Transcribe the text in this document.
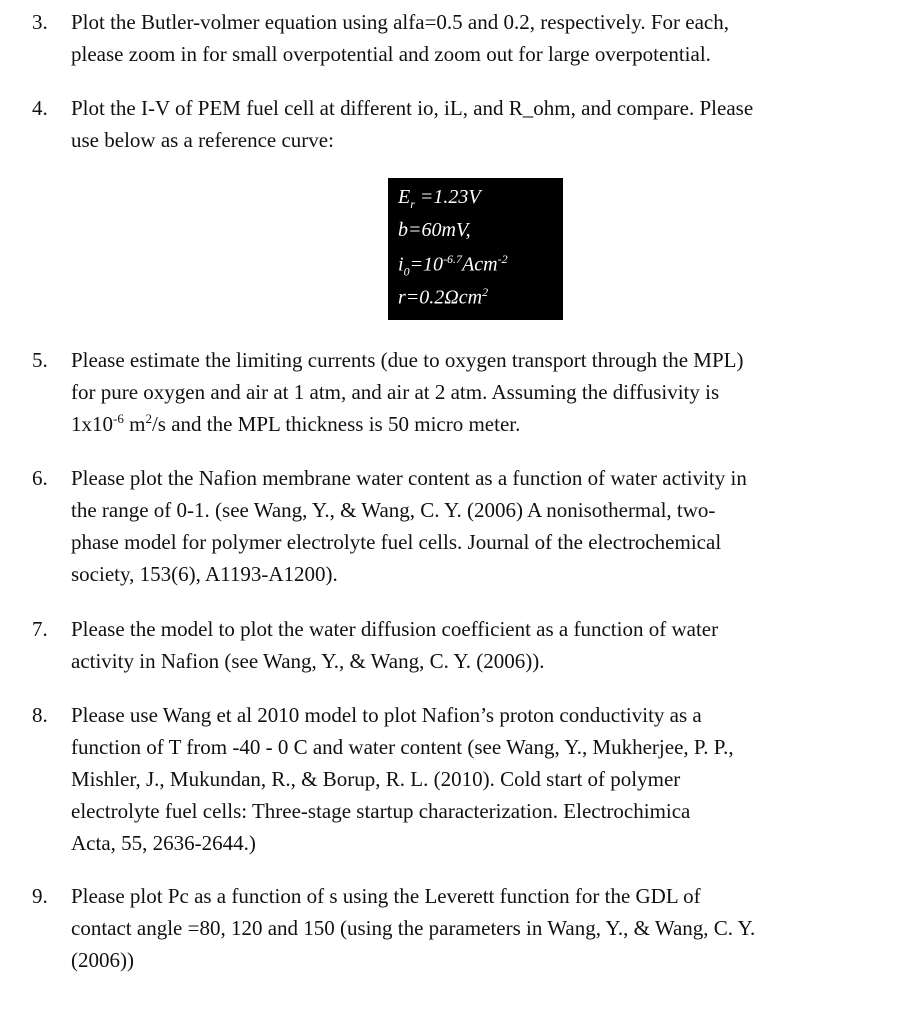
3. Plot the Butler-volmer equation using alfa=0.5 and 0.2, respectively. For each,
please zoom in for small overpotential and zoom out for large overpotential.
4. Plot the I-V of PEM fuel cell at different io, iL, and R_ohm, and compare. Please
use below as a reference curve:
$E_r =1.23V$
b=60mV,
$i_0=10^{-6.7}Acm^{-2}$
r=0.2Ωcm$^2$
5. Please estimate the limiting currents (due to oxygen transport through the MPL)
for pure oxygen and air at 1 atm, and air at 2 atm. Assuming the diffusivity is
$1x10^{-6}$ $m^2/s$ and the MPL thickness is 50 micro meter.
6. Please plot the Nafion membrane water content as a function of water activity in
the range of 0-1. (see Wang, Y., & Wang, C. Y. (2006) A nonisothermal, two-
phase model for polymer electrolyte fuel cells. Journal of the electrochemical
society, 153(6), A1193-A1200).
7. Please the model to plot the water diffusion coefficient as a function of water
activity in Nafion (see Wang, Y., & Wang, C. Y. (2006)).
8. Please use Wang et al 2010 model to plot Nafion’s proton conductivity as a
function of T from -40 - 0 C and water content (see Wang, Y., Mukherjee, P. P.,
Mishler, J., Mukundan, R., & Borup, R. L. (2010). Cold start of polymer
electrolyte fuel cells: Three-stage startup characterization. Electrochimica
Acta, 55, 2636-2644.)
9. Please plot Pc as a function of s using the Leverett function for the GDL of
contact angle =80, 120 and 150 (using the parameters in Wang, Y., & Wang, C. Y.
(2006))
